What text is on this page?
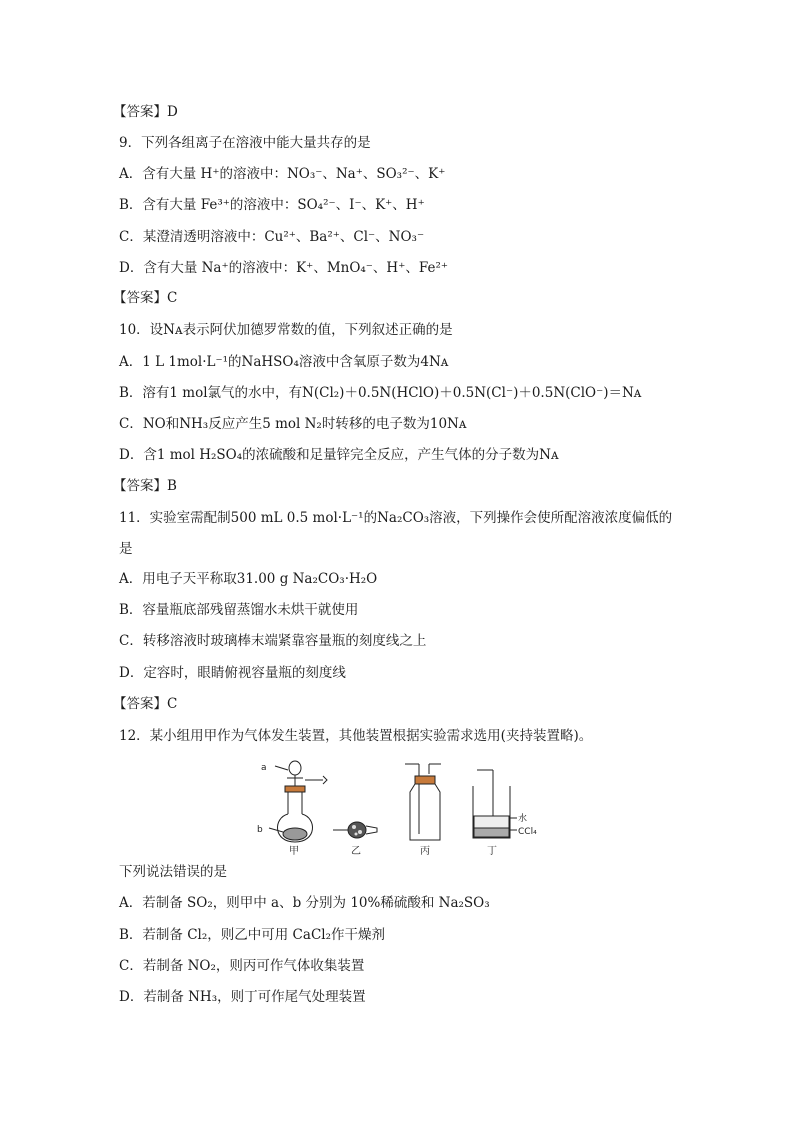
【答案】D
9．下列各组离子在溶液中能大量共存的是
A．含有大量 H⁺的溶液中：NO₃⁻、Na⁺、SO₃²⁻、K⁺
B．含有大量 Fe³⁺的溶液中：SO₄²⁻、I⁻、K⁺、H⁺
C．某澄清透明溶液中：Cu²⁺、Ba²⁺、Cl⁻、NO₃⁻
D．含有大量 Na⁺的溶液中：K⁺、MnO₄⁻、H⁺、Fe²⁺
【答案】C
10．设Nᴀ表示阿伏加德罗常数的值，下列叙述正确的是
A．1 L 1mol·L⁻¹的NaHSO₄溶液中含氧原子数为4Nᴀ
B．溶有1 mol氯气的水中，有N(Cl₂)＋0.5N(HClO)＋0.5N(Cl⁻)＋0.5N(ClO⁻)＝Nᴀ
C．NO和NH₃反应产生5 mol N₂时转移的电子数为10Nᴀ
D．含1 mol H₂SO₄的浓硫酸和足量锌完全反应，产生气体的分子数为Nᴀ
【答案】B
11．实验室需配制500 mL 0.5 mol·L⁻¹的Na₂CO₃溶液，下列操作会使所配溶液浓度偏低的
是
A．用电子天平称取31.00 g Na₂CO₃·H₂O
B．容量瓶底部残留蒸馏水未烘干就使用
C．转移溶液时玻璃棒末端紧靠容量瓶的刻度线之上
D．定容时，眼睛俯视容量瓶的刻度线
【答案】C
12．某小组用甲作为气体发生装置，其他装置根据实验需求选用(夹持装置略)。
a
b
甲	乙	丙
水
CCl₄
丁
下列说法错误的是
A．若制备 SO₂，则甲中 a、b 分别为 10%稀硫酸和 Na₂SO₃
B．若制备 Cl₂，则乙中可用 CaCl₂作干燥剂
C．若制备 NO₂，则丙可作气体收集装置
D．若制备 NH₃，则丁可作尾气处理装置
